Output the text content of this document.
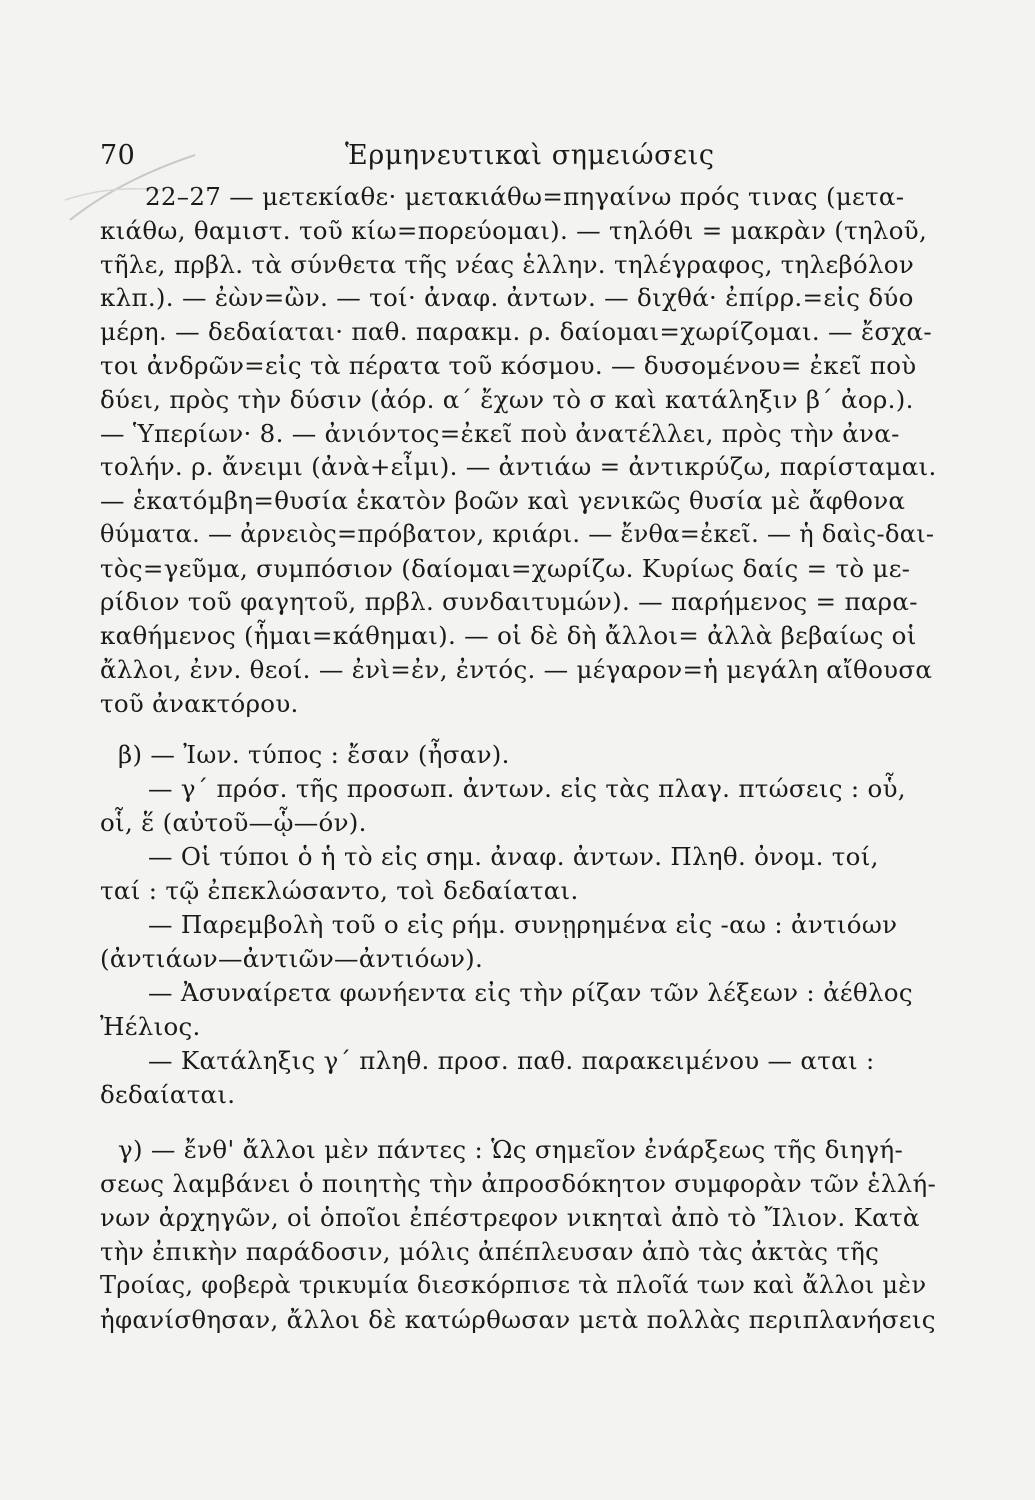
70	Ἑρμηνευτικαὶ σημειώσεις
22–27 — μετεκίαθε· μετακιάθω=πηγαίνω πρός τινας (μετα-
κιάθω, θαμιστ. τοῦ κίω=πορεύομαι). — τηλόθι = μακρὰν (τηλοῦ,
τῆλε, πρβλ. τὰ σύνθετα τῆς νέας ἑλλην. τηλέγραφος, τηλεβόλον
κλπ.). — ἐὼν=ὢν. — τοί· ἀναφ. ἀντων. — διχθά· ἐπίρρ.=εἰς δύο
μέρη. — δεδαίαται· παθ. παρακμ. ρ. δαίομαι=χωρίζομαι. — ἔσχα-
τοι ἀνδρῶν=εἰς τὰ πέρατα τοῦ κόσμου. — δυσομένου= ἐκεῖ ποὺ
δύει, πρὸς τὴν δύσιν (ἀόρ. α΄ ἔχων τὸ σ καὶ κατάληξιν β΄ ἀορ.).
— Ὑπερίων· 8. — ἀνιόντος=ἐκεῖ ποὺ ἀνατέλλει, πρὸς τὴν ἀνα-
τολήν. ρ. ἄνειμι (ἀνὰ+εἶμι). — ἀντιάω = ἀντικρύζω, παρίσταμαι.
— ἑκατόμβη=θυσία ἑκατὸν βοῶν καὶ γενικῶς θυσία μὲ ἄφθονα
θύματα. — ἀρνειὸς=πρόβατον, κριάρι. — ἔνθα=ἐκεῖ. — ἡ δαὶς-δαι-
τὸς=γεῦμα, συμπόσιον (δαίομαι=χωρίζω. Κυρίως δαίς = τὸ με-
ρίδιον τοῦ φαγητοῦ, πρβλ. συνδαιτυμών). — παρήμενος = παρα-
καθήμενος (ἧμαι=κάθημαι). — οἱ δὲ δὴ ἄλλοι= ἀλλὰ βεβαίως οἱ
ἄλλοι, ἐνν. θεοί. — ἐνὶ=ἐν, ἐντός. — μέγαρον=ἡ μεγάλη αἴθουσα
τοῦ ἀνακτόρου.
β) — Ἰων. τύπος : ἔσαν (ἦσαν).
— γ΄ πρόσ. τῆς προσωπ. ἀντων. εἰς τὰς πλαγ. πτώσεις : οὗ,
οἷ, ἕ (αὐτοῦ—ᾧ—όν).
— Οἱ τύποι ὁ ἡ τὸ εἰς σημ. ἀναφ. ἀντων. Πληθ. ὀνομ. τοί,
ταί : τῷ ἐπεκλώσαντο, τοὶ δεδαίαται.
— Παρεμβολὴ τοῦ ο εἰς ρήμ. συνῃρημένα εἰς -αω : ἀντιόων
(ἀντιάων—ἀντιῶν—ἀντιόων).
— Ἀσυναίρετα φωνήεντα εἰς τὴν ρίζαν τῶν λέξεων : ἀέθλος
Ἠέλιος.
— Κατάληξις γ΄ πληθ. προσ. παθ. παρακειμένου — αται :
δεδαίαται.
γ) — ἔνθ' ἄλλοι μὲν πάντες : Ὡς σημεῖον ἐνάρξεως τῆς διηγή-
σεως λαμβάνει ὁ ποιητὴς τὴν ἀπροσδόκητον συμφορὰν τῶν ἑλλή-
νων ἀρχηγῶν, οἱ ὁποῖοι ἐπέστρεφον νικηταὶ ἀπὸ τὸ Ἴλιον. Κατὰ
τὴν ἐπικὴν παράδοσιν, μόλις ἀπέπλευσαν ἀπὸ τὰς ἀκτὰς τῆς
Τροίας, φοβερὰ τρικυμία διεσκόρπισε τὰ πλοῖά των καὶ ἄλλοι μὲν
ἠφανίσθησαν, ἄλλοι δὲ κατώρθωσαν μετὰ πολλὰς περιπλανήσεις
